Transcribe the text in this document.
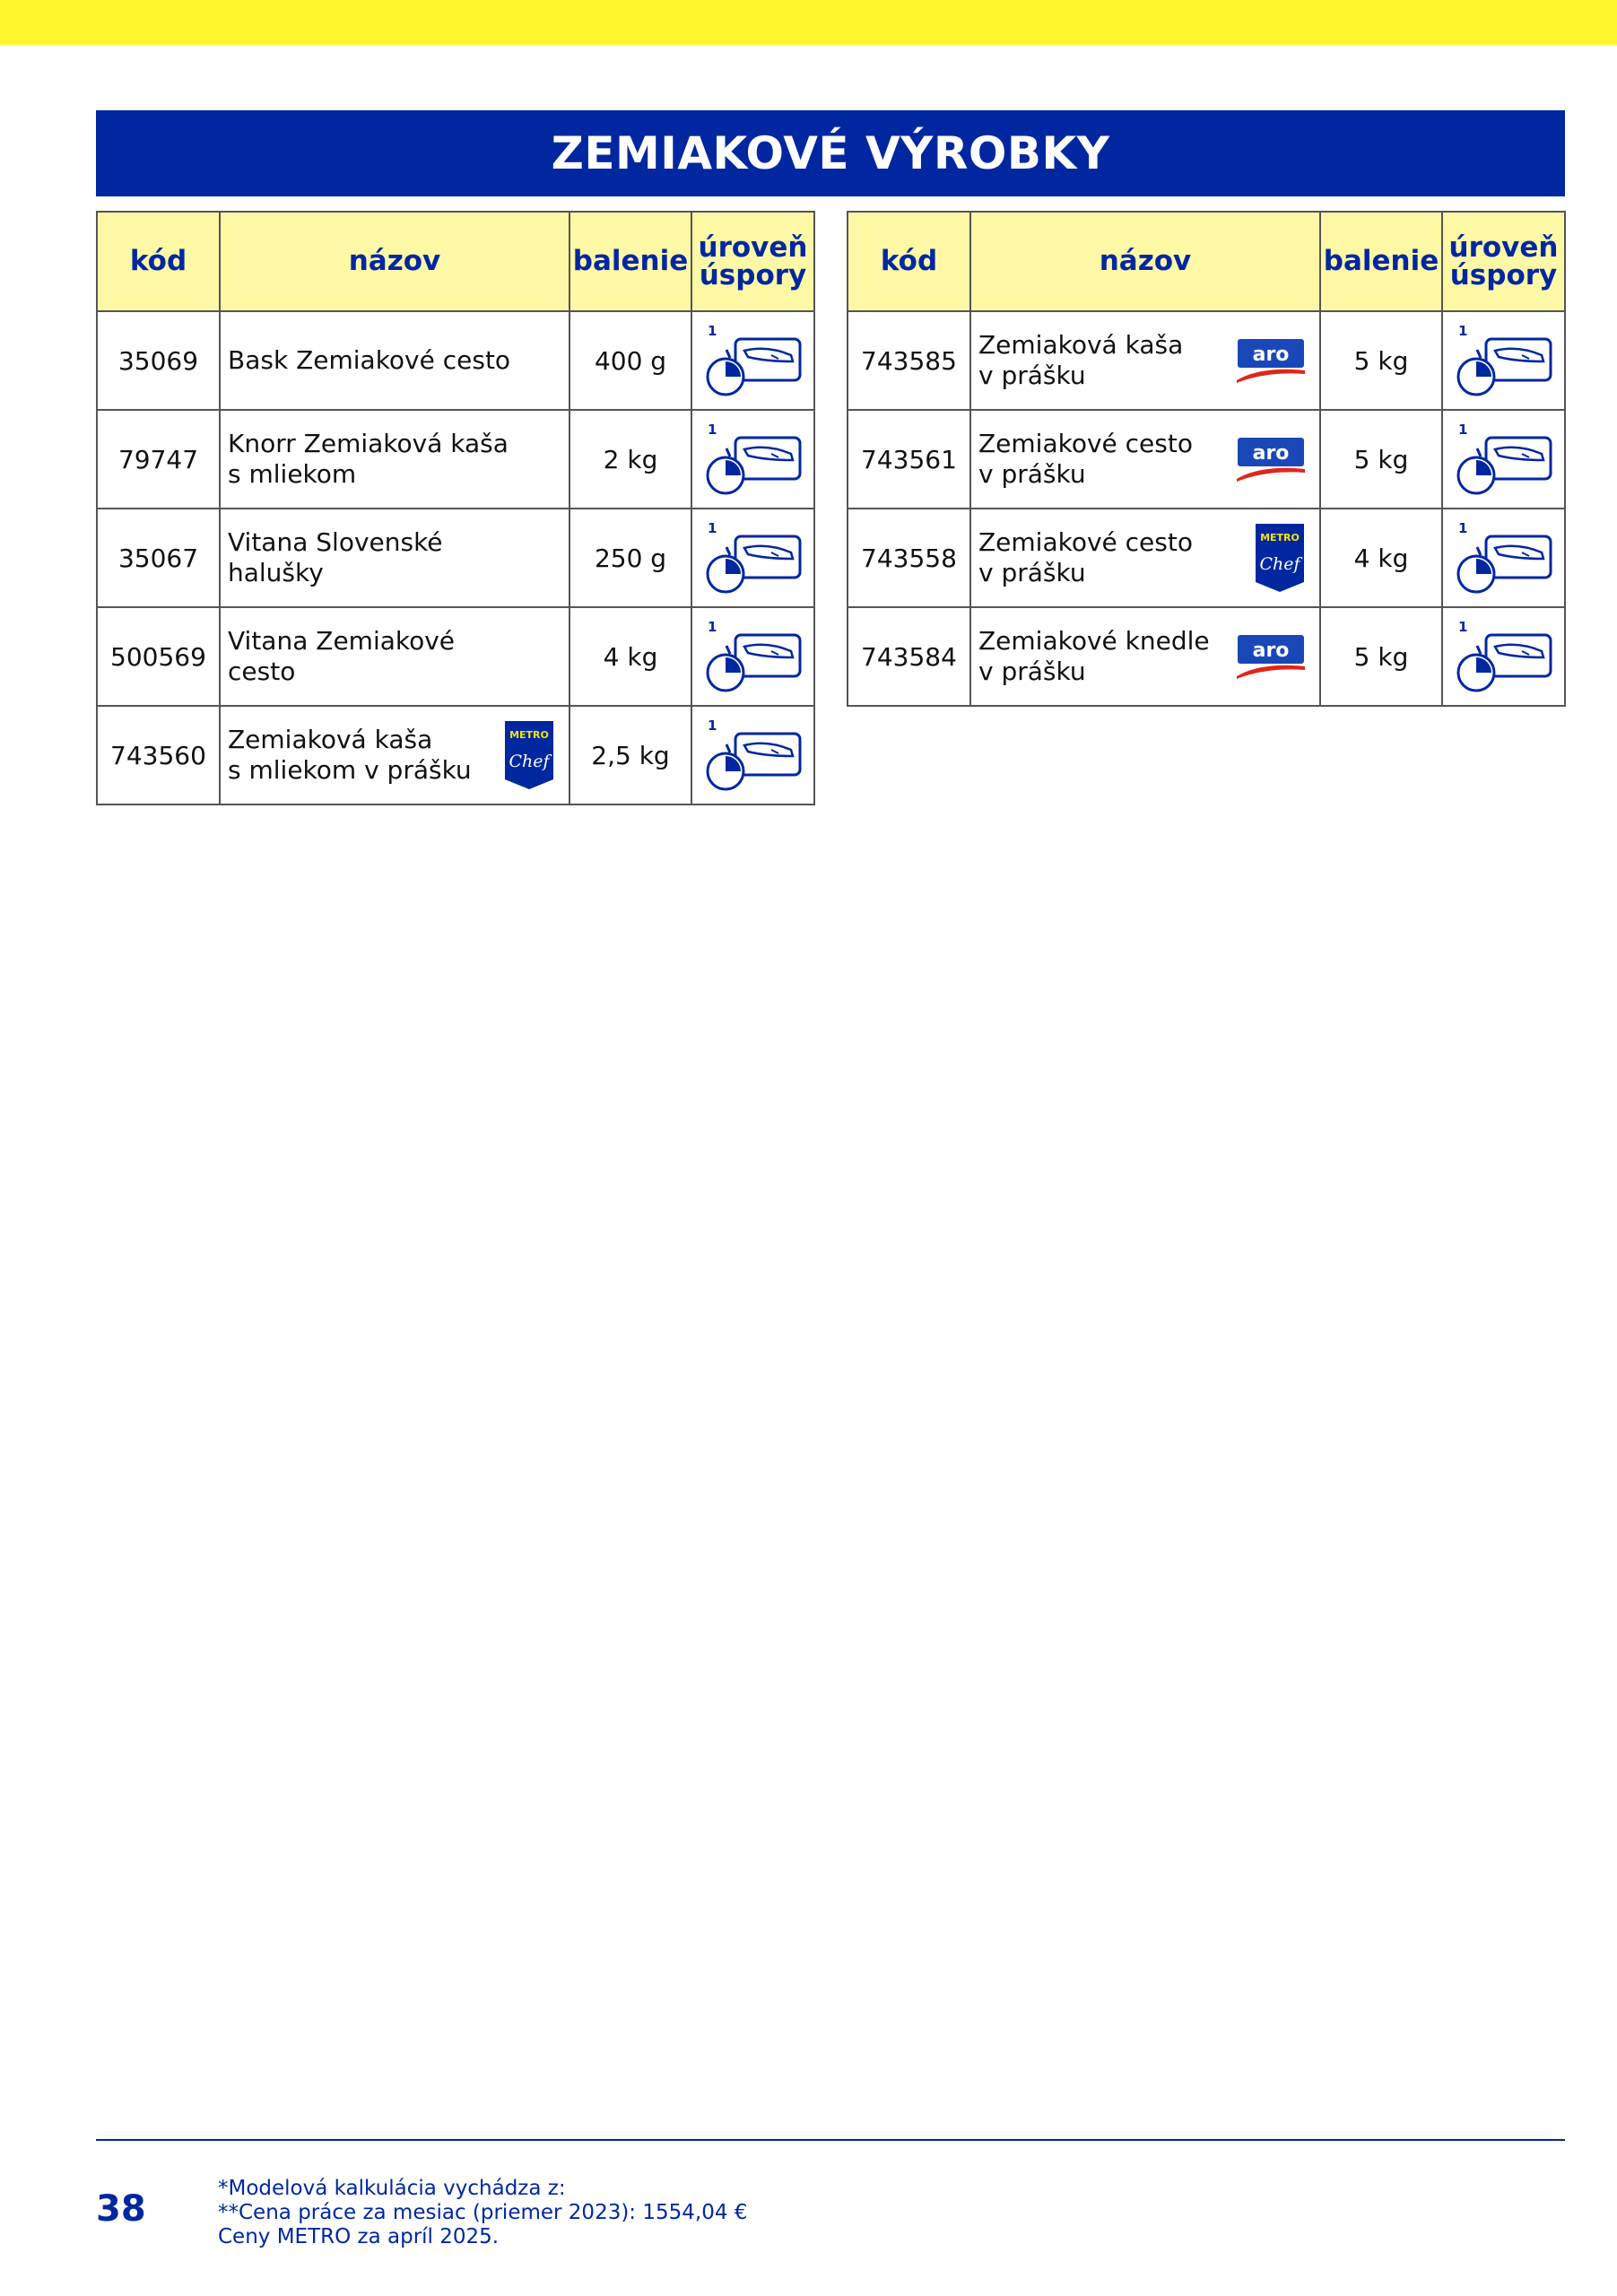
ZEMIAKOVÉ VÝROBKY
kód	názov	balenie	úroveň
úspory
35069	Bask Zemiakové cesto	400 g	1

79747	Knorr Zemiaková kaša
s mliekom	2 kg	1

35067	Vitana Slovenské
halušky	250 g	1

500569	Vitana Zemiakové
cesto	4 kg	1

743560	Zemiaková kaša
s mliekom v prášku
METRO
Chef	2,5 kg	1
kód	názov	balenie	úroveň
úspory
743585	Zemiaková kaša
v prášku
aro	5 kg	1

743561	Zemiakové cesto
v prášku
aro	5 kg	1

743558	Zemiakové cesto
v prášku
METRO
Chef	4 kg	1

743584	Zemiakové knedle
v prášku
aro	5 kg	1
38	*Modelová kalkulácia vychádza z:
**Cena práce za mesiac (priemer 2023): 1554,04 €
Ceny METRO za apríl 2025.
